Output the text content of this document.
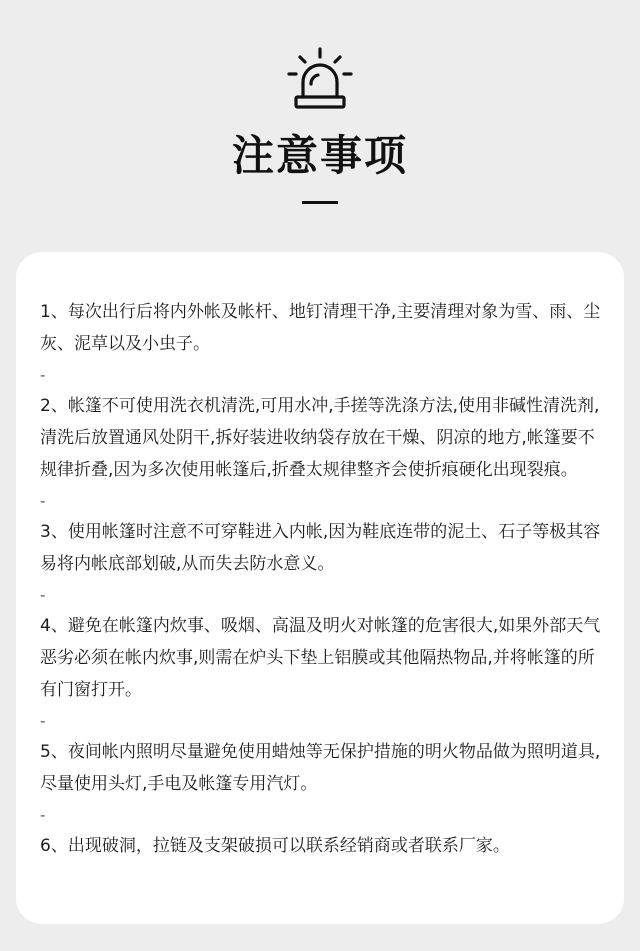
注意事项

1、每次出行后将内外帐及帐杆、地钉清理干净,主要清理对象为雪、雨、尘灰、泥草以及小虫子。

-

2、帐篷不可使用洗衣机清洗,可用水冲,手搓等洗涤方法,使用非碱性清洗剂,清洗后放置通风处阴干,拆好装进收纳袋存放在干燥、阴凉的地方,帐篷要不规律折叠,因为多次使用帐篷后,折叠太规律整齐会使折痕硬化出现裂痕。

-

3、使用帐篷时注意不可穿鞋进入内帐,因为鞋底连带的泥土、石子等极其容易将内帐底部划破,从而失去防水意义。

-

4、避免在帐篷内炊事、吸烟、高温及明火对帐篷的危害很大,如果外部天气恶劣必须在帐内炊事,则需在炉头下垫上铝膜或其他隔热物品,并将帐篷的所有门窗打开。

-

5、夜间帐内照明尽量避免使用蜡烛等无保护措施的明火物品做为照明道具,尽量使用头灯,手电及帐篷专用汽灯。

-

6、出现破洞，拉链及支架破损可以联系经销商或者联系厂家。
